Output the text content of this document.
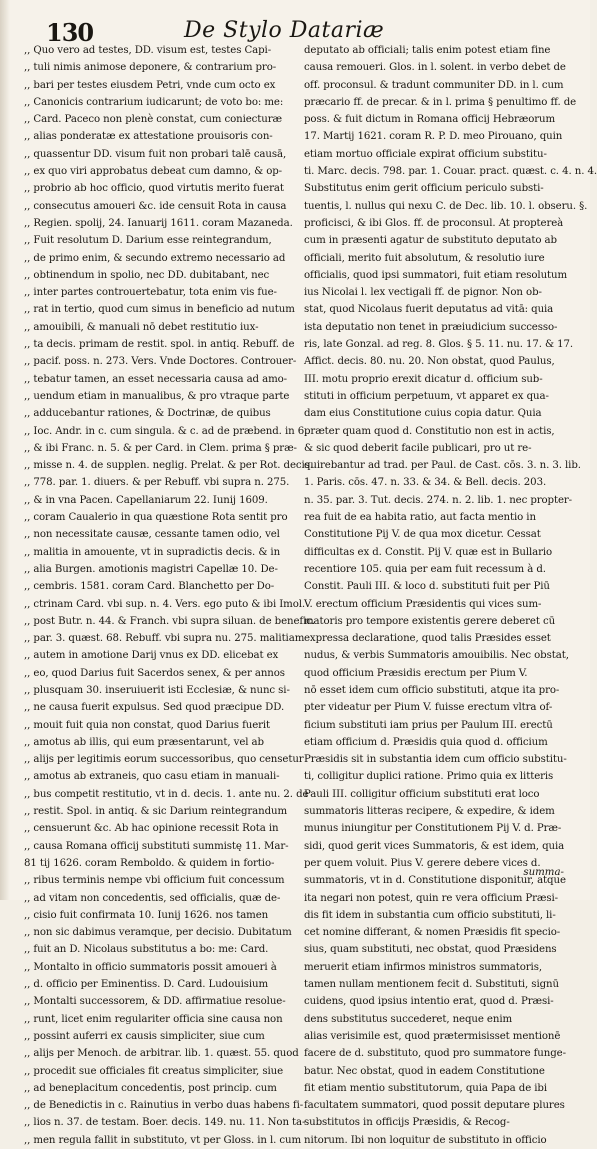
130	De Stylo Datariæ
,, Quo vero ad testes, DD. visum est, testes Capi-
,, tuli nimis animose deponere, & contrarium pro-
,, bari per testes eiusdem Petri, vnde cum octo ex
,, Canonicis contrarium iudicarunt; de voto bo: me:
,, Card. Paceco non plenè constat, cum coniecturæ
,, alias ponderatæ ex attestatione prouisoris con-
,, quassentur DD. visum fuit non probari talē causā,
,, ex quo viri approbatus debeat cum damno, & op-
,, probrio ab hoc officio, quod virtutis merito fuerat
,, consecutus amoueri &c. ide censuit Rota in causa
,, Regien. spolij, 24. Ianuarij 1611. coram Mazaneda.
,, Fuit resolutum D. Darium esse reintegrandum,
,, de primo enim, & secundo extremo necessario ad
,, obtinendum in spolio, nec DD. dubitabant, nec
,, inter partes controuertebatur, tota enim vis fue-
,, rat in tertio, quod cum simus in beneficio ad nutum
,, amouibili, & manuali nō debet restitutio iux-
,, ta decis. primam de restit. spol. in antiq. Rebuff. de
,, pacif. poss. n. 273. Vers. Vnde Doctores. Controuer-
,, tebatur tamen, an esset necessaria causa ad amo-
,, uendum etiam in manualibus, & pro vtraque parte
,, adducebantur rationes, & Doctrinæ, de quibus
,, Ioc. Andr. in c. cum singula. & c. ad de præbend. in 6.
,, & ibi Franc. n. 5. & per Card. in Clem. prima § præ-
,, misse n. 4. de supplen. neglig. Prelat. & per Rot. decis.
,, 778. par. 1. diuers. & per Rebuff. vbi supra n. 275.
,, & in vna Pacen. Capellaniarum 22. Iunij 1609.
,, coram Caualerio in qua quæstione Rota sentit pro
,, non necessitate causæ, cessante tamen odio, vel
,, malitia in amouente, vt in supradictis decis. & in
,, alia Burgen. amotionis magistri Capellæ 10. De-
,, cembris. 1581. coram Card. Blanchetto per Do-
,, ctrinam Card. vbi sup. n. 4. Vers. ego puto & ibi Imol.
,, post Butr. n. 44. & Franch. vbi supra siluan. de benefic.
,, par. 3. quæst. 68. Rebuff. vbi supra nu. 275. malitiam
,, autem in amotione Darij vnus ex DD. elicebat ex
,, eo, quod Darius fuit Sacerdos senex, & per annos
,, plusquam 30. inseruiuerit isti Ecclesiæ, & nunc si-
,, ne causa fuerit expulsus. Sed quod præcipue DD.
,, mouit fuit quia non constat, quod Darius fuerit
,, amotus ab illis, qui eum præsentarunt, vel ab
,, alijs per legitimis eorum successoribus, quo censetur
,, amotus ab extraneis, quo casu etiam in manuali-
,, bus competit restitutio, vt in d. decis. 1. ante nu. 2. de
,, restit. Spol. in antiq. & sic Darium reintegrandum
,, censuerunt &c. Ab hac opinione recessit Rota in
,, causa Romana officij substituti summistę 11. Mar-
81 tij 1626. coram Remboldo. & quidem in fortio-
,, ribus terminis nempe vbi officium fuit concessum
,, ad vitam non concedentis, sed officialis, quæ de-
,, cisio fuit confirmata 10. Iunij 1626. nos tamen
,, non sic dabimus veramque, per decisio. Dubitatum
,, fuit an D. Nicolaus substitutus a bo: me: Card.
,, Montalto in officio summatoris possit amoueri à
,, d. officio per Eminentiss. D. Card. Ludouisium
,, Montalti successorem, & DD. affirmatiue resolue-
,, runt, licet enim regulariter officia sine causa non
,, possint auferri ex causis simpliciter, siue cum
,, alijs per Menoch. de arbitrar. lib. 1. quæst. 55. quod
,, procedit sue officiales fit creatus simpliciter, siue
,, ad beneplacitum concedentis, post princip. cum
,, de Benedictis in c. Rainutius in verbo duas habens fi-
,, lios n. 37. de testam. Boer. decis. 149. nu. 11. Non ta-
,, men regula fallit in substituto, vt per Gloss. in l. cum
deputato ab officiali; talis enim potest etiam fine
causa remoueri. Glos. in l. solent. in verbo debet de
off. proconsul. & tradunt communiter DD. in l. cum
præcario ff. de precar. & in l. prima § penultimo ff. de
poss. & fuit dictum in Romana officij Hebræorum
17. Martij 1621. coram R. P. D. meo Pirouano, quin
etiam mortuo officiale expirat officium substitu-
ti. Marc. decis. 798. par. 1. Couar. pract. quæst. c. 4. n. 4.
Substitutus enim gerit officium periculo substi-
tuentis, l. nullus qui nexu C. de Dec. lib. 10. l. obseru. §.
proficisci, & ibi Glos. ff. de proconsul. At proptereà
cum in præsenti agatur de substituto deputato ab
officiali, merito fuit absolutum, & resolutio iure
officialis, quod ipsi summatori, fuit etiam resolutum
ius Nicolai l. lex vectigali ff. de pignor. Non ob-
stat, quod Nicolaus fuerit deputatus ad vitā: quia
ista deputatio non tenet in præiudicium successo-
ris, late Gonzal. ad reg. 8. Glos. § 5. 11. nu. 17. & 17.
Affict. decis. 80. nu. 20. Non obstat, quod Paulus,
III. motu proprio erexit dicatur d. officium sub-
stituti in officium perpetuum, vt apparet ex qua-
dam eius Constitutione cuius copia datur. Quia
præter quam quod d. Constitutio non est in actis,
& sic quod deberit facile publicari, pro ut re-
quirebantur ad trad. per Paul. de Cast. cōs. 3. n. 3. lib.
1. Paris. cōs. 47. n. 33. & 34. & Bell. decis. 203.
n. 35. par. 3. Tut. decis. 274. n. 2. lib. 1. nec propter-
rea fuit de ea habita ratio, aut facta mentio in
Constitutione Pij V. de qua mox dicetur. Cessat
difficultas ex d. Constit. Pij V. quæ est in Bullario
recentiore 105. quia per eam fuit recessum à d.
Constit. Pauli III. & loco d. substituti fuit per Piū
V. erectum officium Præsidentis qui vices sum-
matoris pro tempore existentis gerere deberet cū
expressa declaratione, quod talis Præsides esset
nudus, & verbis Summatoris amouibilis. Nec obstat,
quod officium Præsidis erectum per Pium V.
nō esset idem cum officio substituti, atque ita pro-
pter videatur per Pium V. fuisse erectum vltra of-
ficium substituti iam prius per Paulum III. erectū
etiam officium d. Præsidis quia quod d. officium
Præsidis sit in substantia idem cum officio substitu-
ti, colligitur duplici ratione. Primo quia ex litteris
Pauli III. colligitur officium substituti erat loco
summatoris litteras recipere, & expedire, & idem
munus iniungitur per Constitutionem Pij V. d. Præ-
sidi, quod gerit vices Summatoris, & est idem, quia
per quem voluit. Pius V. gerere debere vices d.
summatoris, vt in d. Constitutione disponitur, atque
ita negari non potest, quin re vera officium Præsi-
dis fit idem in substantia cum officio substituti, li-
cet nomine differant, & nomen Præsidis fit specio-
sius, quam substituti, nec obstat, quod Præsidens
meruerit etiam infirmos ministros summatoris,
tamen nullam mentionem fecit d. Substituti, signū
cuidens, quod ipsius intentio erat, quod d. Præsi-
dens substitutus succederet, neque enim
alias verisimile est, quod prætermisisset mentionē
facere de d. substituto, quod pro summatore funge-
batur. Nec obstat, quod in eadem Constitutione
fit etiam mentio substitutorum, quia Papa de ibi
facultatem summatori, quod possit deputare plures
substitutos in officijs Præsidis, & Recog-
nitorum. Ibi non loquitur de substituto in officio
summa-
